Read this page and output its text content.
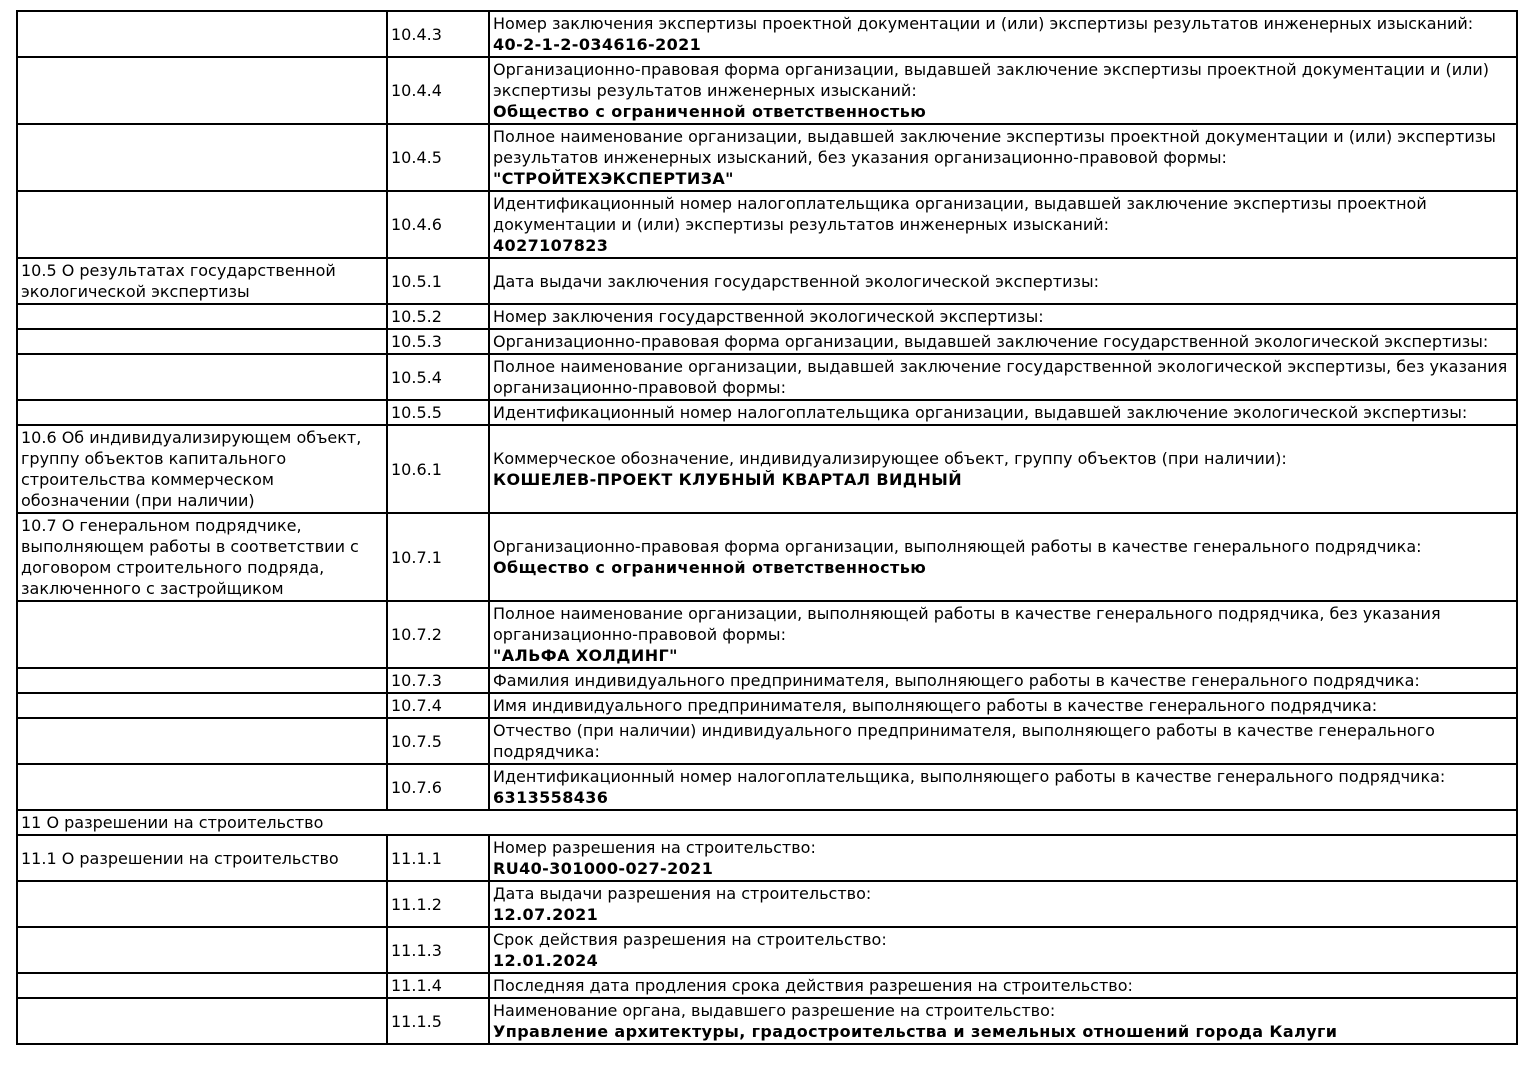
	10.4.3	Номер заключения экспертизы проектной документации и (или) экспертизы результатов инженерных изысканий:
40-2-1-2-034616-2021

	10.4.4	Организационно-правовая форма организации, выдавшей заключение экспертизы проектной документации и (или) экспертизы результатов инженерных изысканий:
Общество с ограниченной ответственностью

	10.4.5	Полное наименование организации, выдавшей заключение экспертизы проектной документации и (или) экспертизы результатов инженерных изысканий, без указания организационно-правовой формы:
"СТРОЙТЕХЭКСПЕРТИЗА"

	10.4.6	Идентификационный номер налогоплательщика организации, выдавшей заключение экспертизы проектной документации и (или) экспертизы результатов инженерных изысканий:
4027107823

10.5 О результатах государственной экологической экспертизы	10.5.1	Дата выдачи заключения государственной экологической экспертизы:

	10.5.2	Номер заключения государственной экологической экспертизы:

	10.5.3	Организационно-правовая форма организации, выдавшей заключение государственной экологической экспертизы:

	10.5.4	Полное наименование организации, выдавшей заключение государственной экологической экспертизы, без указания организационно-правовой формы:

	10.5.5	Идентификационный номер налогоплательщика организации, выдавшей заключение экологической экспертизы:

10.6 Об индивидуализирующем объект, группу объектов капитального строительства коммерческом обозначении (при наличии)	10.6.1	Коммерческое обозначение, индивидуализирующее объект, группу объектов (при наличии):
КОШЕЛЕВ-ПРОЕКТ КЛУБНЫЙ КВАРТАЛ ВИДНЫЙ

10.7 О генеральном подрядчике, выполняющем работы в соответствии с договором строительного подряда, заключенного с застройщиком	10.7.1	Организационно-правовая форма организации, выполняющей работы в качестве генерального подрядчика:
Общество с ограниченной ответственностью

	10.7.2	Полное наименование организации, выполняющей работы в качестве генерального подрядчика, без указания организационно-правовой формы:
"АЛЬФА ХОЛДИНГ"

	10.7.3	Фамилия индивидуального предпринимателя, выполняющего работы в качестве генерального подрядчика:

	10.7.4	Имя индивидуального предпринимателя, выполняющего работы в качестве генерального подрядчика:

	10.7.5	Отчество (при наличии) индивидуального предпринимателя, выполняющего работы в качестве генерального подрядчика:

	10.7.6	Идентификационный номер налогоплательщика, выполняющего работы в качестве генерального подрядчика:
6313558436

11 О разрешении на строительство		
11.1 О разрешении на строительство	11.1.1	Номер разрешения на строительство:
RU40-301000-027-2021

	11.1.2	Дата выдачи разрешения на строительство:
12.07.2021

	11.1.3	Срок действия разрешения на строительство:
12.01.2024

	11.1.4	Последняя дата продления срока действия разрешения на строительство:

	11.1.5	Наименование органа, выдавшего разрешение на строительство:
Управление архитектуры, градостроительства и земельных отношений города Калуги
